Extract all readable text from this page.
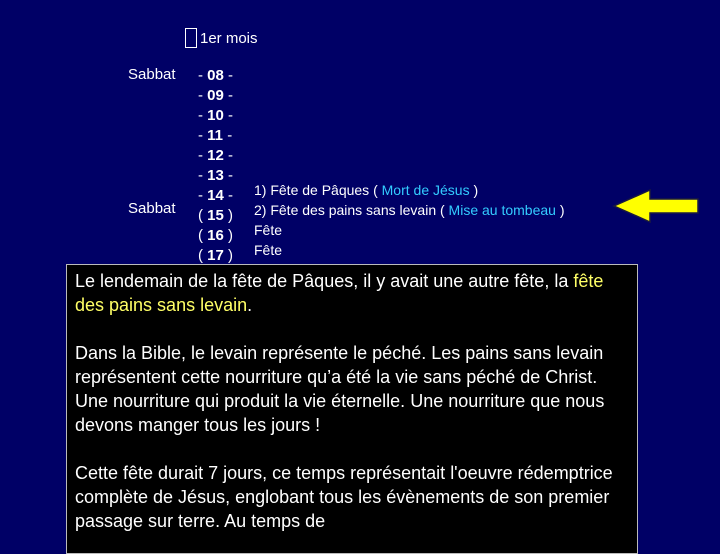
1er mois
Sabbat
Sabbat
- 08 -
- 09 -
- 10 -
- 11 -
- 12 -
- 13 -
- 14 -
( 15 )
( 16 )
( 17 )
1) Fête de Pâques ( Mort de Jésus )
2) Fête des pains sans levain ( Mise au tombeau )
Fête
Fête

Le lendemain de la fête de Pâques, il y avait une autre fête, la fête des pains sans levain.

Dans la Bible, le levain représente le péché. Les pains sans levain représentent cette nourriture qu’a été la vie sans péché de Christ. Une nourriture qui produit la vie éternelle. Une nourriture que nous devons manger tous les jours !

Cette fête durait 7 jours, ce temps représentait l'oeuvre rédemptrice complète de Jésus, englobant tous les évènements de son premier passage sur terre. Au temps de
